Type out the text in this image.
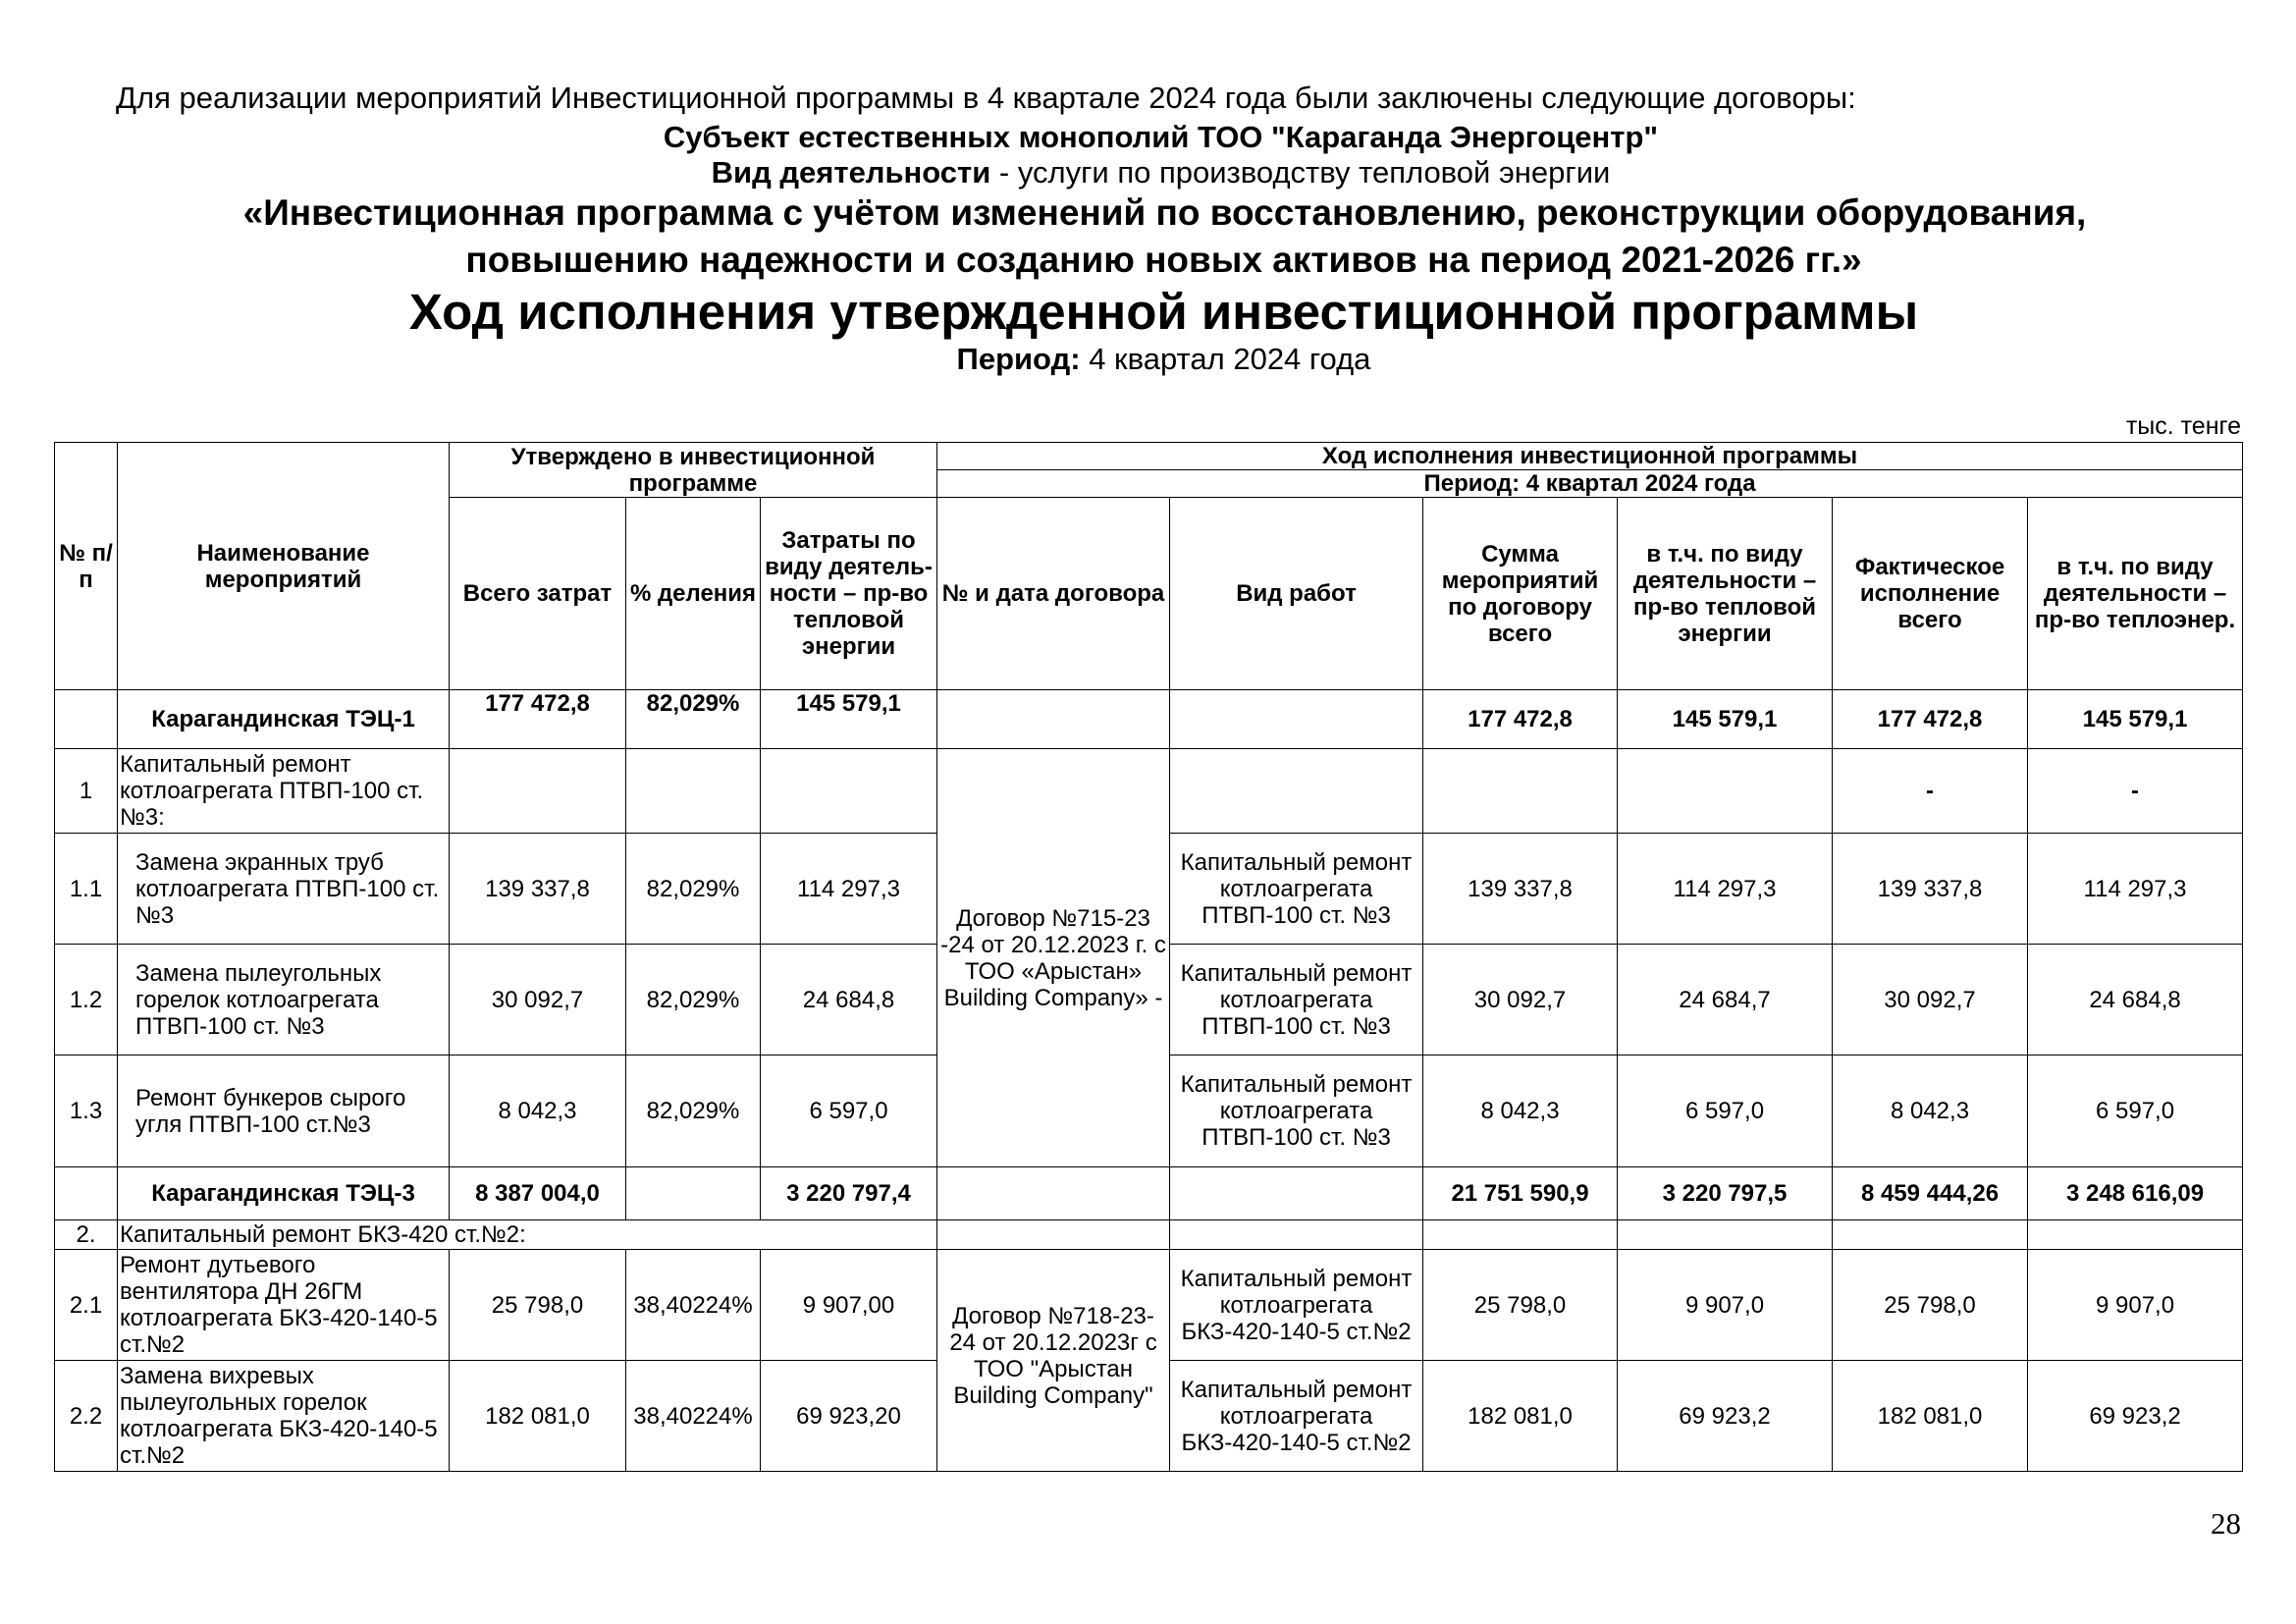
Для реализации мероприятий Инвестиционной программы в 4 квартале 2024 года были заключены следующие договоры:
Субъект естественных монополий ТОО "Караганда Энергоцентр"
Вид деятельности - услуги по производству тепловой энергии
«Инвестиционная программа с учётом изменений по восстановлению, реконструкции оборудования,
повышению надежности и созданию новых активов на период 2021-2026 гг.»
Ход исполнения утвержденной инвестиционной программы
Период: 4 квартал 2024 года
тыс. тенге
№ п/п	Наименование мероприятий	Утверждено в инвестиционной программе			Ход исполнения инвестиционной программы					
					Период: 4 квартал 2024 года					
		Всего затрат	% деления	Затраты по виду деятель-ности – пр-во тепловой энергии	№ и дата договора	Вид работ	Сумма мероприятий по договору всего	в т.ч. по виду деятельности – пр-во тепловой энергии	Фактическое исполнение всего	в т.ч. по виду деятельности – пр-во теплоэнер.
	Карагандинская ТЭЦ-1	177 472,8	82,029%	145 579,1			177 472,8	145 579,1	177 472,8	145 579,1
1	Капитальный ремонт котлоагрегата ПТВП-100 ст.№3:				Договор №715-23 -24 от 20.12.2023 г. с ТОО «Арыстан» Building Company» -				-	-
1.1	Замена экранных труб котлоагрегата ПТВП-100 ст. №3	139 337,8	82,029%	114 297,3		Капитальный ремонт котлоагрегата ПТВП-100 ст. №3	139 337,8	114 297,3	139 337,8	114 297,3
1.2	Замена пылеугольных горелок котлоагрегата ПТВП-100 ст. №3	30 092,7	82,029%	24 684,8		Капитальный ремонт котлоагрегата ПТВП-100 ст. №3	30 092,7	24 684,7	30 092,7	24 684,8
1.3	Ремонт бункеров сырого угля ПТВП-100 ст.№3	8 042,3	82,029%	6 597,0		Капитальный ремонт котлоагрегата ПТВП-100 ст. №3	8 042,3	6 597,0	8 042,3	6 597,0
	Карагандинская ТЭЦ-3	8 387 004,0		3 220 797,4			21 751 590,9	3 220 797,5	8 459 444,26	3 248 616,09
2.	Капитальный ремонт БКЗ-420 ст.№2:									
2.1	Ремонт дутьевого вентилятора ДН 26ГМ котлоагрегата БКЗ-420-140-5 ст.№2	25 798,0	38,40224%	9 907,00	Договор №718-23-24 от 20.12.2023г с ТОО "Арыстан Building Company"	Капитальный ремонт котлоагрегата БКЗ-420-140-5 ст.№2	25 798,0	9 907,0	25 798,0	9 907,0
2.2	Замена вихревых пылеугольных горелок котлоагрегата БКЗ-420-140-5 ст.№2	182 081,0	38,40224%	69 923,20		Капитальный ремонт котлоагрегата БКЗ-420-140-5 ст.№2	182 081,0	69 923,2	182 081,0	69 923,2
28
